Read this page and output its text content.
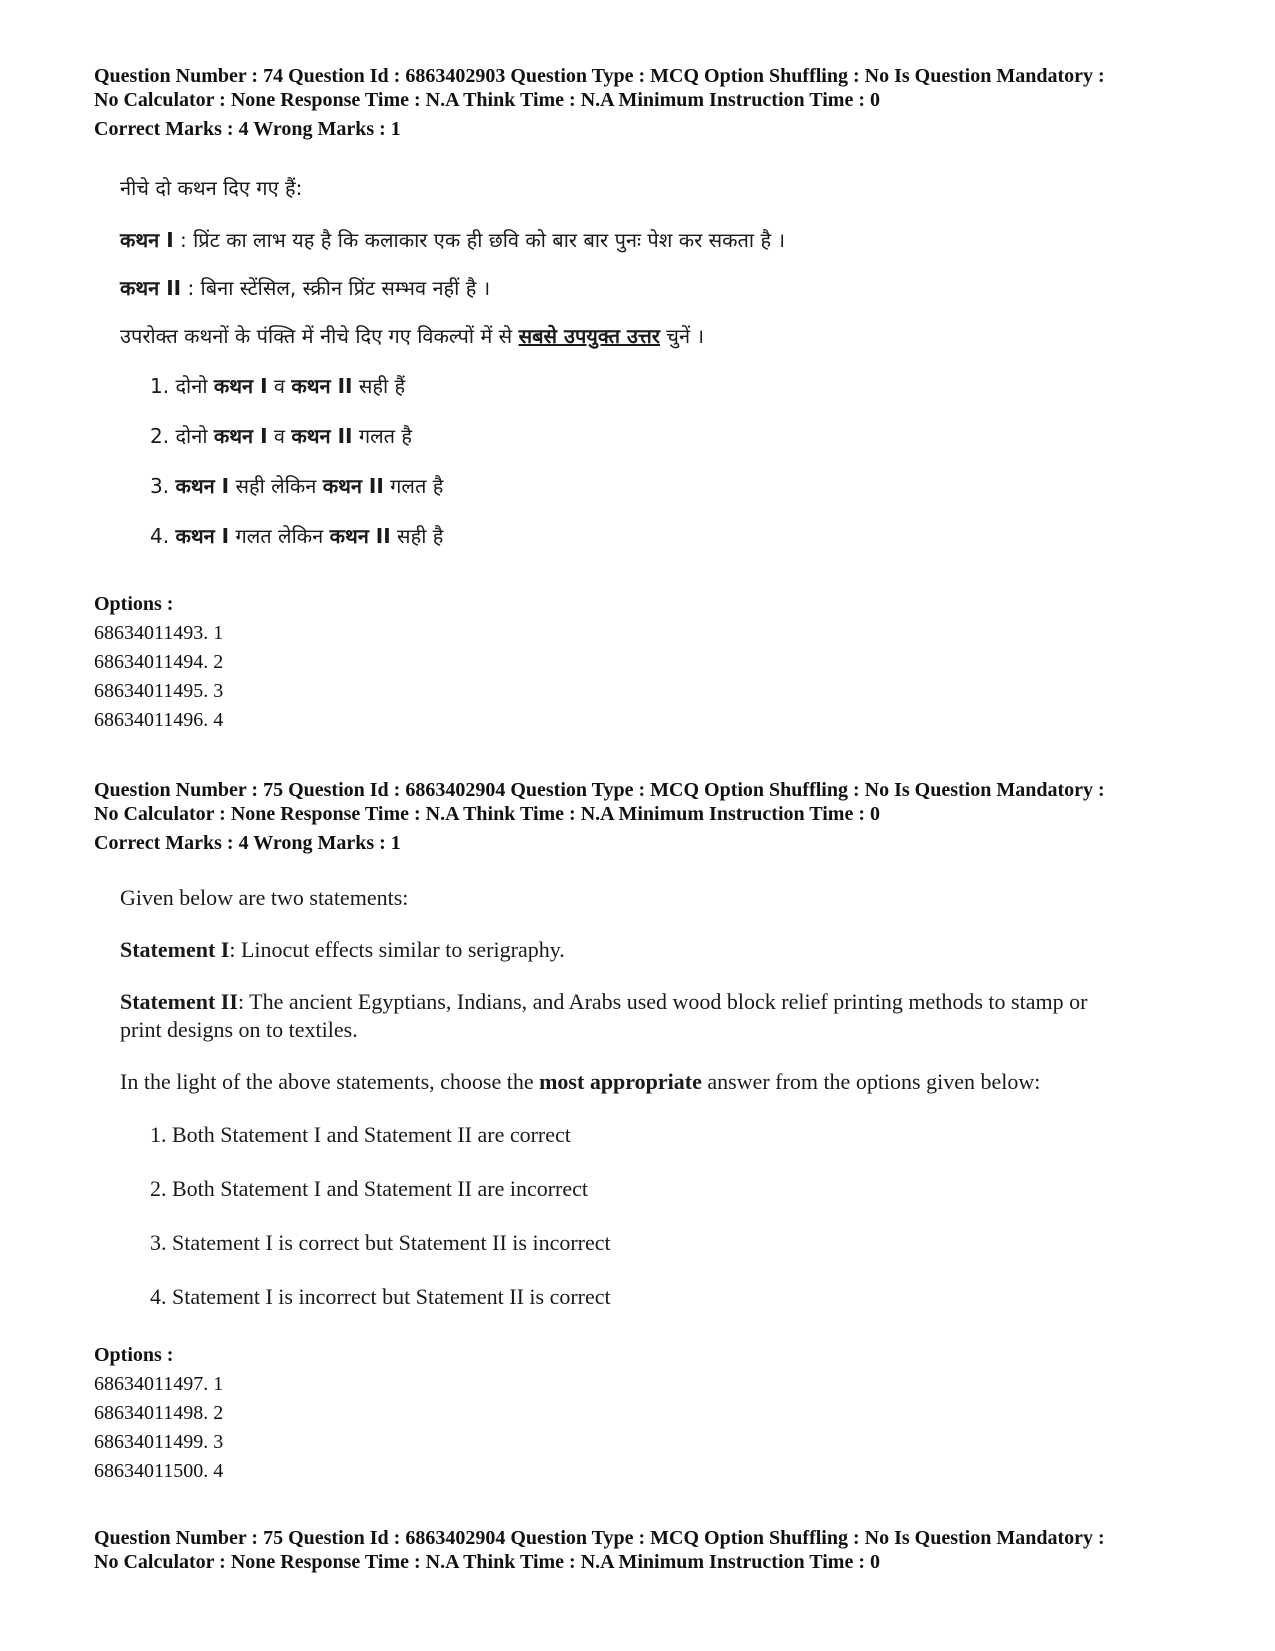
Question Number : 74 Question Id : 6863402903 Question Type : MCQ Option Shuffling : No Is Question Mandatory :
No Calculator : None Response Time : N.A Think Time : N.A Minimum Instruction Time : 0
Correct Marks : 4 Wrong Marks : 1
नीचे दो कथन दिए गए हैं:
कथन I : प्रिंट का लाभ यह है कि कलाकार एक ही छवि को बार बार पुनः पेश कर सकता है ।
कथन II : बिना स्टेंसिल, स्क्रीन प्रिंट सम्भव नहीं है ।
उपरोक्त कथनों के पंक्ति में नीचे दिए गए विकल्पों में से सबसे उपयुक्त उत्तर चुनें ।
1. दोनो कथन I व कथन II सही हैं
2. दोनो कथन I व कथन II गलत है
3. कथन I सही लेकिन कथन II गलत है
4. कथन I गलत लेकिन कथन II सही है
Options :
68634011493. 1
68634011494. 2
68634011495. 3
68634011496. 4
Question Number : 75 Question Id : 6863402904 Question Type : MCQ Option Shuffling : No Is Question Mandatory :
No Calculator : None Response Time : N.A Think Time : N.A Minimum Instruction Time : 0
Correct Marks : 4 Wrong Marks : 1
Given below are two statements:
Statement I: Linocut effects similar to serigraphy.
Statement II: The ancient Egyptians, Indians, and Arabs used wood block relief printing methods to stamp or
print designs on to textiles.
In the light of the above statements, choose the most appropriate answer from the options given below:
1. Both Statement I and Statement II are correct
2. Both Statement I and Statement II are incorrect
3. Statement I is correct but Statement II is incorrect
4. Statement I is incorrect but Statement II is correct
Options :
68634011497. 1
68634011498. 2
68634011499. 3
68634011500. 4
Question Number : 75 Question Id : 6863402904 Question Type : MCQ Option Shuffling : No Is Question Mandatory :
No Calculator : None Response Time : N.A Think Time : N.A Minimum Instruction Time : 0
